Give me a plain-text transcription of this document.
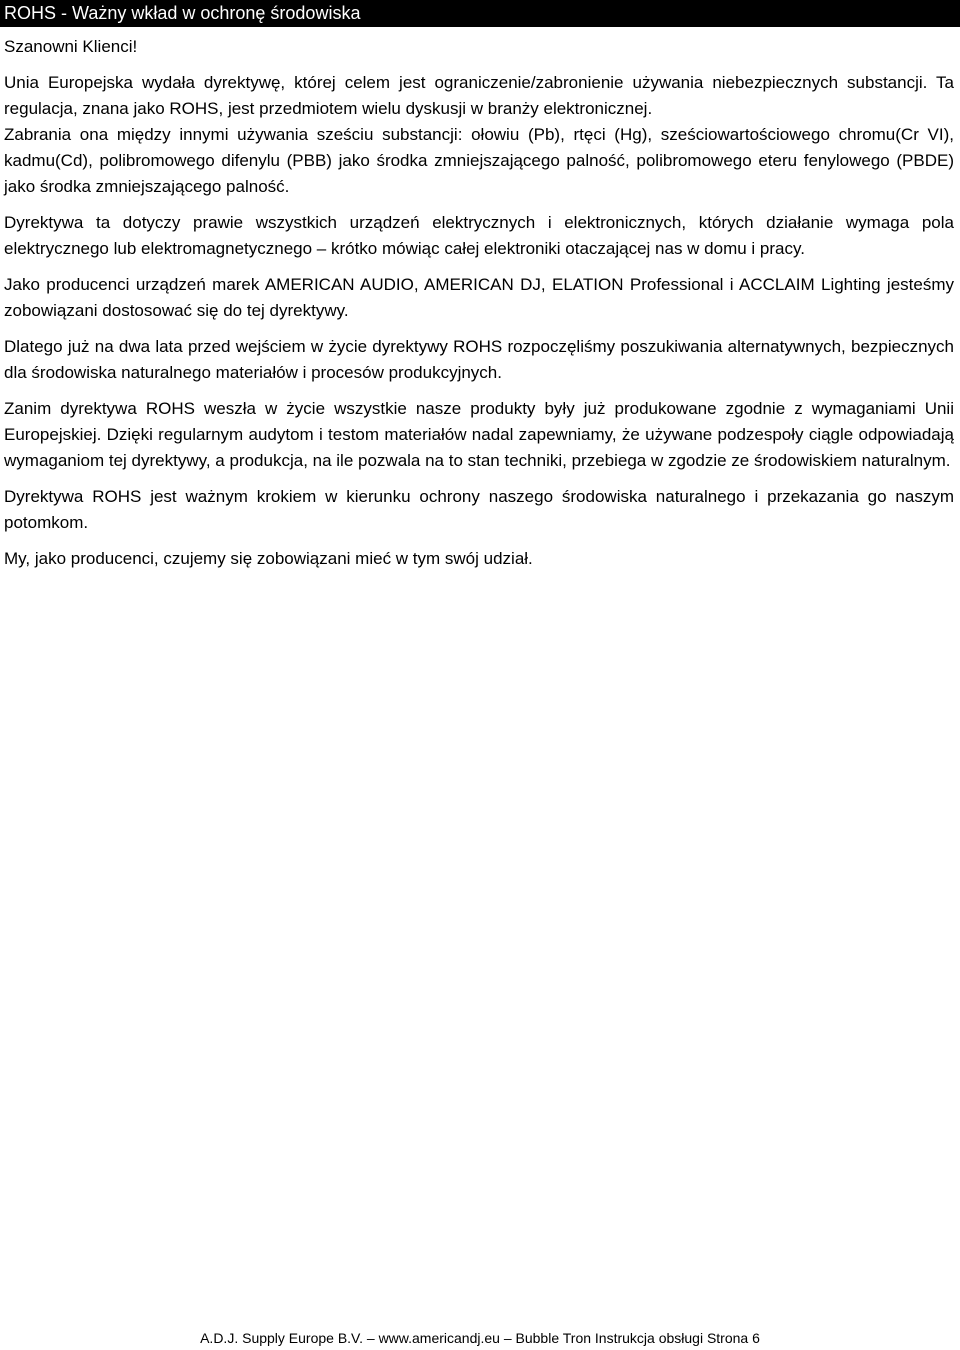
ROHS - Ważny wkład w ochronę środowiska

Szanowni Klienci!

Unia Europejska wydała dyrektywę, której celem jest ograniczenie/zabronienie używania niebezpiecznych substancji. Ta regulacja, znana jako ROHS, jest przedmiotem wielu dyskusji w branży elektronicznej.

Zabrania ona między innymi używania sześciu substancji: ołowiu (Pb), rtęci (Hg), sześciowartościowego chromu(Cr VI), kadmu(Cd), polibromowego difenylu (PBB) jako środka zmniejszającego palność, polibromowego eteru fenylowego (PBDE) jako środka zmniejszającego palność.

Dyrektywa ta dotyczy prawie wszystkich urządzeń elektrycznych i elektronicznych, których działanie wymaga pola elektrycznego lub elektromagnetycznego – krótko mówiąc całej elektroniki otaczającej nas w domu i pracy.

Jako producenci urządzeń marek AMERICAN AUDIO, AMERICAN DJ, ELATION Professional i ACCLAIM Lighting jesteśmy zobowiązani dostosować się do tej dyrektywy.

Dlatego już na dwa lata przed wejściem w życie dyrektywy ROHS rozpoczęliśmy poszukiwania alternatywnych, bezpiecznych dla środowiska naturalnego materiałów i procesów produkcyjnych.

Zanim dyrektywa ROHS weszła w życie wszystkie nasze produkty były już produkowane zgodnie z wymaganiami Unii Europejskiej. Dzięki regularnym audytom i testom materiałów nadal zapewniamy, że używane podzespoły ciągle odpowiadają wymaganiom tej dyrektywy, a produkcja, na ile pozwala na to stan techniki, przebiega w zgodzie ze środowiskiem naturalnym.

Dyrektywa ROHS jest ważnym krokiem w kierunku ochrony naszego środowiska naturalnego i przekazania go naszym potomkom.

My, jako producenci, czujemy się zobowiązani mieć w tym swój udział.

A.D.J. Supply Europe B.V. – www.americandj.eu – Bubble Tron Instrukcja obsługi Strona 6
